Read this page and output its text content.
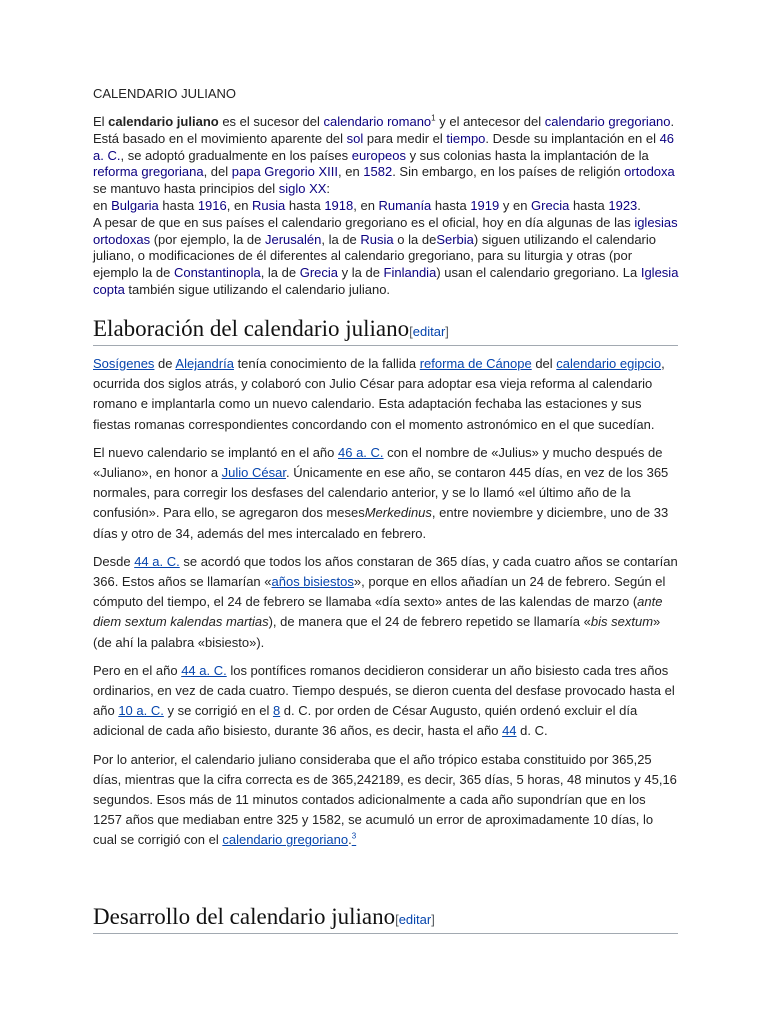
CALENDARIO JULIANO
El calendario juliano es el sucesor del calendario romano$^1$ y el antecesor del calendario gregoriano. Está basado en el movimiento aparente del sol para medir el tiempo. Desde su implantación en el 46 a. C., se adoptó gradualmente en los países europeos y sus colonias hasta la implantación de la reforma gregoriana, del papa Gregorio XIII, en 1582. Sin embargo, en los países de religión ortodoxa se mantuvo hasta principios del siglo XX:
en Bulgaria hasta 1916, en Rusia hasta 1918, en Rumanía hasta 1919 y en Grecia hasta 1923.
A pesar de que en sus países el calendario gregoriano es el oficial, hoy en día algunas de las iglesias ortodoxas (por ejemplo, la de Jerusalén, la de Rusia o la deSerbia) siguen utilizando el calendario juliano, o modificaciones de él diferentes al calendario gregoriano, para su liturgia y otras (por ejemplo la de Constantinopla, la de Grecia y la de Finlandia) usan el calendario gregoriano. La Iglesia copta también sigue utilizando el calendario juliano.
Elaboración del calendario juliano[editar]

Sosígenes de Alejandría tenía conocimiento de la fallida reforma de Cánope del calendario egipcio, ocurrida dos siglos atrás, y colaboró con Julio César para adoptar esa vieja reforma al calendario romano e implantarla como un nuevo calendario. Esta adaptación fechaba las estaciones y sus fiestas romanas correspondientes concordando con el momento astronómico en el que sucedían.

El nuevo calendario se implantó en el año 46 a. C. con el nombre de «Julius» y mucho después de «Juliano», en honor a Julio César. Únicamente en ese año, se contaron 445 días, en vez de los 365 normales, para corregir los desfases del calendario anterior, y se lo llamó «el último año de la confusión». Para ello, se agregaron dos mesesMerkedinus, entre noviembre y diciembre, uno de 33 días y otro de 34, además del mes intercalado en febrero.

Desde 44 a. C. se acordó que todos los años constaran de 365 días, y cada cuatro años se contarían 366. Estos años se llamarían «años bisiestos», porque en ellos añadían un 24 de febrero. Según el cómputo del tiempo, el 24 de febrero se llamaba «día sexto» antes de las kalendas de marzo (ante diem sextum kalendas martias), de manera que el 24 de febrero repetido se llamaría «bis sextum» (de ahí la palabra «bisiesto»).

Pero en el año 44 a. C. los pontífices romanos decidieron considerar un año bisiesto cada tres años ordinarios, en vez de cada cuatro. Tiempo después, se dieron cuenta del desfase provocado hasta el año 10 a. C. y se corrigió en el 8 d. C. por orden de César Augusto, quién ordenó excluir el día adicional de cada año bisiesto, durante 36 años, es decir, hasta el año 44 d. C.

Por lo anterior, el calendario juliano consideraba que el año trópico estaba constituido por 365,25 días, mientras que la cifra correcta es de 365,242189, es decir, 365 días, 5 horas, 48 minutos y 45,16 segundos. Esos más de 11 minutos contados adicionalmente a cada año supondrían que en los 1257 años que mediaban entre 325 y 1582, se acumuló un error de aproximadamente 10 días, lo cual se corrigió con el calendario gregoriano.$^3$

Desarrollo del calendario juliano[editar]
